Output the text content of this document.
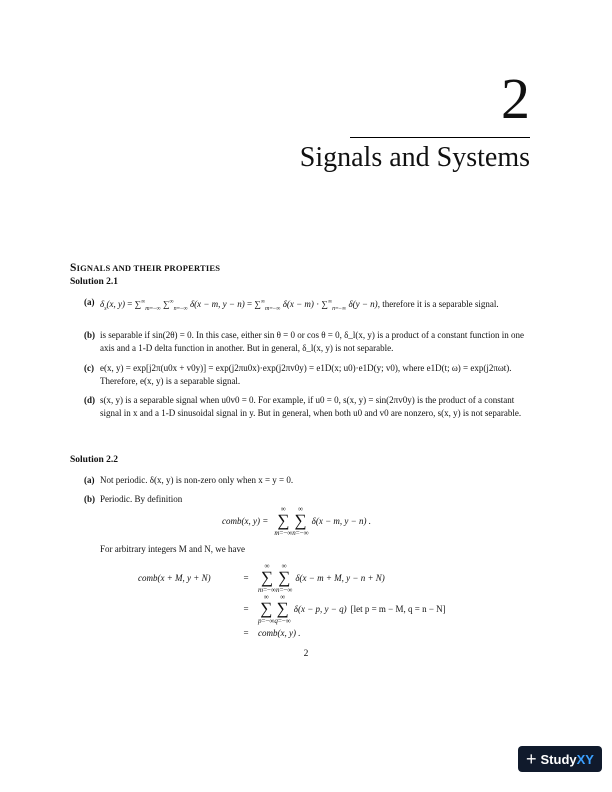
2
Signals and Systems
SIGNALS AND THEIR PROPERTIES
Solution 2.1
(a) $\delta_s(x$, $y) = \sum^\infty_{m=-\infty}$ $\sum^\infty_{n=-\infty}$ δ(x − m, $y - n) = \sum^\infty_{m=-\infty}$ $\delta(x - m) \cdot \sum^\infty_{n=-\infty}$ δ(y − n), therefore it is a separable signal.
(b) is separable if sin(2θ) = 0. In this case, either sin θ = 0 or cos θ = 0, δ_l(x, y) is a product of a constant function in one axis and a 1-D delta function in another. But in general, δ_l(x, y) is not separable.
(c) e(x, y) = exp[j2π(u0x + v0y)] = exp(j2πu0x)·exp(j2πv0y) = e1D(x; u0)·e1D(y; v0), where e1D(t; ω) = exp(j2πωt). Therefore, e(x, y) is a separable signal.
(d) s(x, y) is a separable signal when u0v0 = 0. For example, if u0 = 0, s(x, y) = sin(2πv0y) is the product of a constant signal in x and a 1-D sinusoidal signal in y. But in general, when both u0 and v0 are nonzero, s(x, y) is not separable.
Solution 2.2
(a) Not periodic. δ(x, y) is non-zero only when x = y = 0.
(b) Periodic. By definition
comb(x, y) =
∞
∑
m=−∞
∞
∑
n=−∞
δ(x − m, y − n) .
For arbitrary integers M and N, we have
comb(x + M, y + N)	=
∞
∑
m=−∞
∞
∑
n=−∞
δ(x − m + M, y − n + N)
=
∞
∑
p=−∞
∞
∑
q=−∞
δ(x − p, y − q) [let p = m − M, q = n − N]
=	comb(x, y) .
2
+ StudyXY
